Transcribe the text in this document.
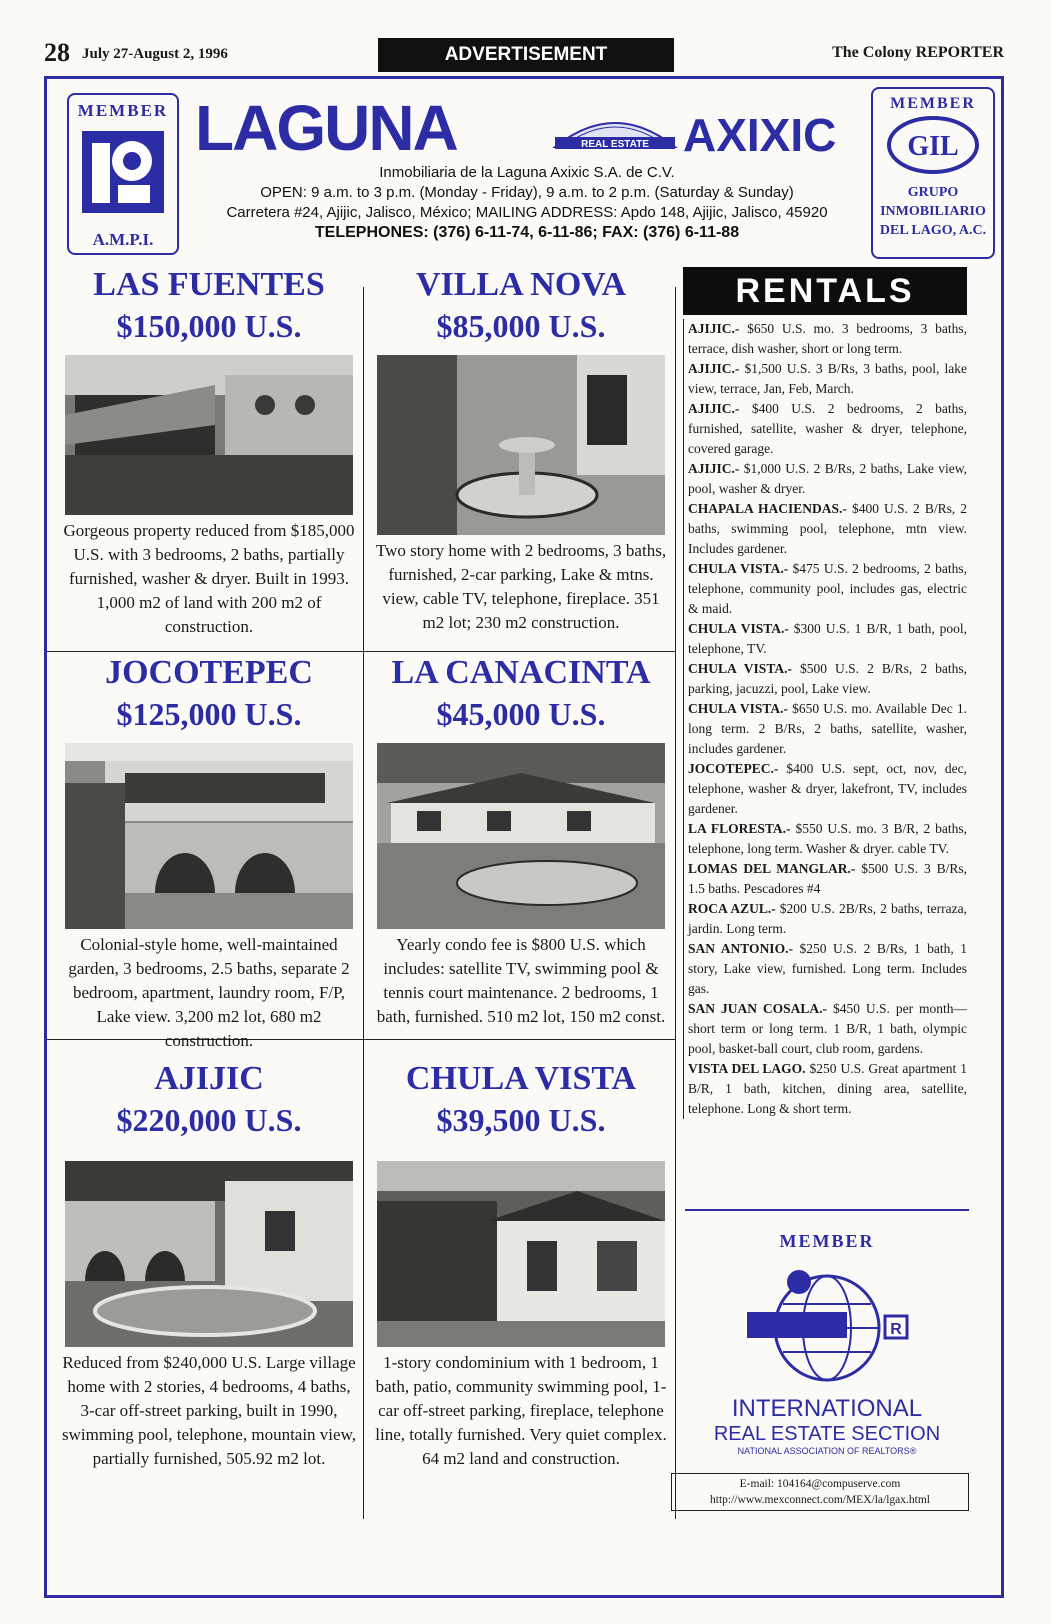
28 July 27-August 2, 1996	ADVERTISEMENT	The Colony REPORTER
MEMBER
A.M.P.I.
LAGUNA	REAL ESTATE AXIXIC
Inmobiliaria de la Laguna Axixic S.A. de C.V.
OPEN: 9 a.m. to 3 p.m. (Monday - Friday), 9 a.m. to 2 p.m. (Saturday & Sunday)
Carretera #24, Ajijic, Jalisco, México; MAILING ADDRESS: Apdo 148, Ajijic, Jalisco, 45920
TELEPHONES: (376) 6-11-74, 6-11-86; FAX: (376) 6-11-88
MEMBER
GIL
GRUPO
INMOBILIARIO
DEL LAGO, A.C.
LAS FUENTES
$150,000 U.S.
Gorgeous property reduced from $185,000 U.S. with 3 bedrooms, 2 baths, partially furnished, washer & dryer. Built in 1993. 1,000 m2 of land with 200 m2 of construction.
VILLA NOVA
$85,000 U.S.
Two story home with 2 bedrooms, 3 baths, furnished, 2-car parking, Lake & mtns. view, cable TV, telephone, fireplace. 351 m2 lot; 230 m2 construction.
JOCOTEPEC
$125,000 U.S.
Colonial-style home, well-maintained garden, 3 bedrooms, 2.5 baths, separate 2 bedroom, apartment, laundry room, F/P, Lake view. 3,200 m2 lot, 680 m2 construction.
LA CANACINTA
$45,000 U.S.
Yearly condo fee is $800 U.S. which includes: satellite TV, swimming pool & tennis court maintenance. 2 bedrooms, 1 bath, furnished. 510 m2 lot, 150 m2 const.
AJIJIC
$220,000 U.S.
Reduced from $240,000 U.S. Large village home with 2 stories, 4 bedrooms, 4 baths, 3-car off-street parking, built in 1990, swimming pool, telephone, mountain view, partially furnished, 505.92 m2 lot.
CHULA VISTA
$39,500 U.S.
1-story condominium with 1 bedroom, 1 bath, patio, community swimming pool, 1-car off-street parking, fireplace, telephone line, totally furnished. Very quiet complex. 64 m2 land and construction.
RENTALS
AJIJIC.- $650 U.S. mo. 3 bedrooms, 3 baths, terrace, dish washer, short or long term.
AJIJIC.- $1,500 U.S. 3 B/Rs, 3 baths, pool, lake view, terrace, Jan, Feb, March.
AJIJIC.- $400 U.S. 2 bedrooms, 2 baths, furnished, satellite, washer & dryer, telephone, covered garage.
AJIJIC.- $1,000 U.S. 2 B/Rs, 2 baths, Lake view, pool, washer & dryer.
CHAPALA HACIENDAS.- $400 U.S. 2 B/Rs, 2 baths, swimming pool, telephone, mtn view. Includes gardener.
CHULA VISTA.- $475 U.S. 2 bedrooms, 2 baths, telephone, community pool, includes gas, electric & maid.
CHULA VISTA.- $300 U.S. 1 B/R, 1 bath, pool, telephone, TV.
CHULA VISTA.- $500 U.S. 2 B/Rs, 2 baths, parking, jacuzzi, pool, Lake view.
CHULA VISTA.- $650 U.S. mo. Available Dec 1. long term. 2 B/Rs, 2 baths, satellite, washer, includes gardener.
JOCOTEPEC.- $400 U.S. sept, oct, nov, dec, telephone, washer & dryer, lakefront, TV, includes gardener.
LA FLORESTA.- $550 U.S. mo. 3 B/R, 2 baths, telephone, long term. Washer & dryer. cable TV.
LOMAS DEL MANGLAR.- $500 U.S. 3 B/Rs, 1.5 baths. Pescadores #4
ROCA AZUL.- $200 U.S. 2B/Rs, 2 baths, terraza, jardin. Long term.
SAN ANTONIO.- $250 U.S. 2 B/Rs, 1 bath, 1 story, Lake view, furnished. Long term. Includes gas.
SAN JUAN COSALA.- $450 U.S. per month—short term or long term. 1 B/R, 1 bath, olympic pool, basket-ball court, club room, gardens.
VISTA DEL LAGO. $250 U.S. Great apartment 1 B/R, 1 bath, kitchen, dining area, satellite, telephone. Long & short term.
MEMBER
R
INTERNATIONAL
REAL ESTATE SECTION
NATIONAL ASSOCIATION OF REALTORS®
E-mail: 104164@compuserve.com
http://www.mexconnect.com/MEX/la/lgax.html
